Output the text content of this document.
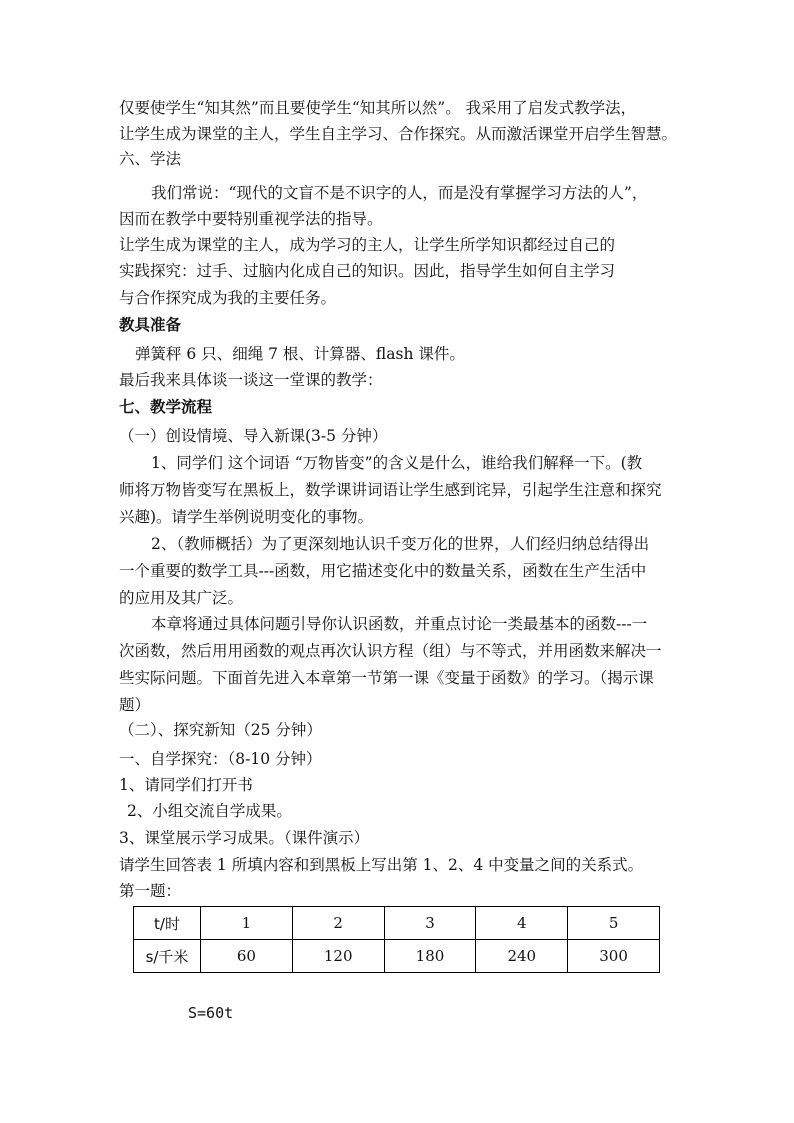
仅要使学生“知其然”而且要使学生“知其所以然”。 我采用了启发式教学法，
让学生成为课堂的主人，学生自主学习、合作探究。从而激活课堂开启学生智慧。
六、学法
我们常说：“现代的文盲不是不识字的人，而是没有掌握学习方法的人”，
因而在教学中要特别重视学法的指导。
让学生成为课堂的主人，成为学习的主人，让学生所学知识都经过自己的
实践探究：过手、过脑内化成自己的知识。因此，指导学生如何自主学习
与合作探究成为我的主要任务。
教具准备
弹簧秤 6 只、细绳 7 根、计算器、flash 课件。
最后我来具体谈一谈这一堂课的教学：
七、教学流程
（一）创设情境、导入新课(3-5 分钟）
1、同学们 这个词语 “万物皆变”的含义是什么，谁给我们解释一下。(教
师将万物皆变写在黑板上，数学课讲词语让学生感到诧异，引起学生注意和探究
兴趣)。请学生举例说明变化的事物。
2、（教师概括）为了更深刻地认识千变万化的世界，人们经归纳总结得出
一个重要的数学工具---函数，用它描述变化中的数量关系，函数在生产生活中
的应用及其广泛。
本章将通过具体问题引导你认识函数，并重点讨论一类最基本的函数---一
次函数，然后用用函数的观点再次认识方程（组）与不等式，并用函数来解决一
些实际问题。下面首先进入本章第一节第一课《变量于函数》的学习。（揭示课
题）
（二）、探究新知（25 分钟）
一、自学探究：（8-10 分钟）
1、请同学们打开书
2、小组交流自学成果。
3、课堂展示学习成果。（课件演示）
请学生回答表 1 所填内容和到黑板上写出第 1、2、4 中变量之间的关系式。
第一题：
t/时	1	2	3	4	5
s/千米	60	120	180	240	300
S=60t
